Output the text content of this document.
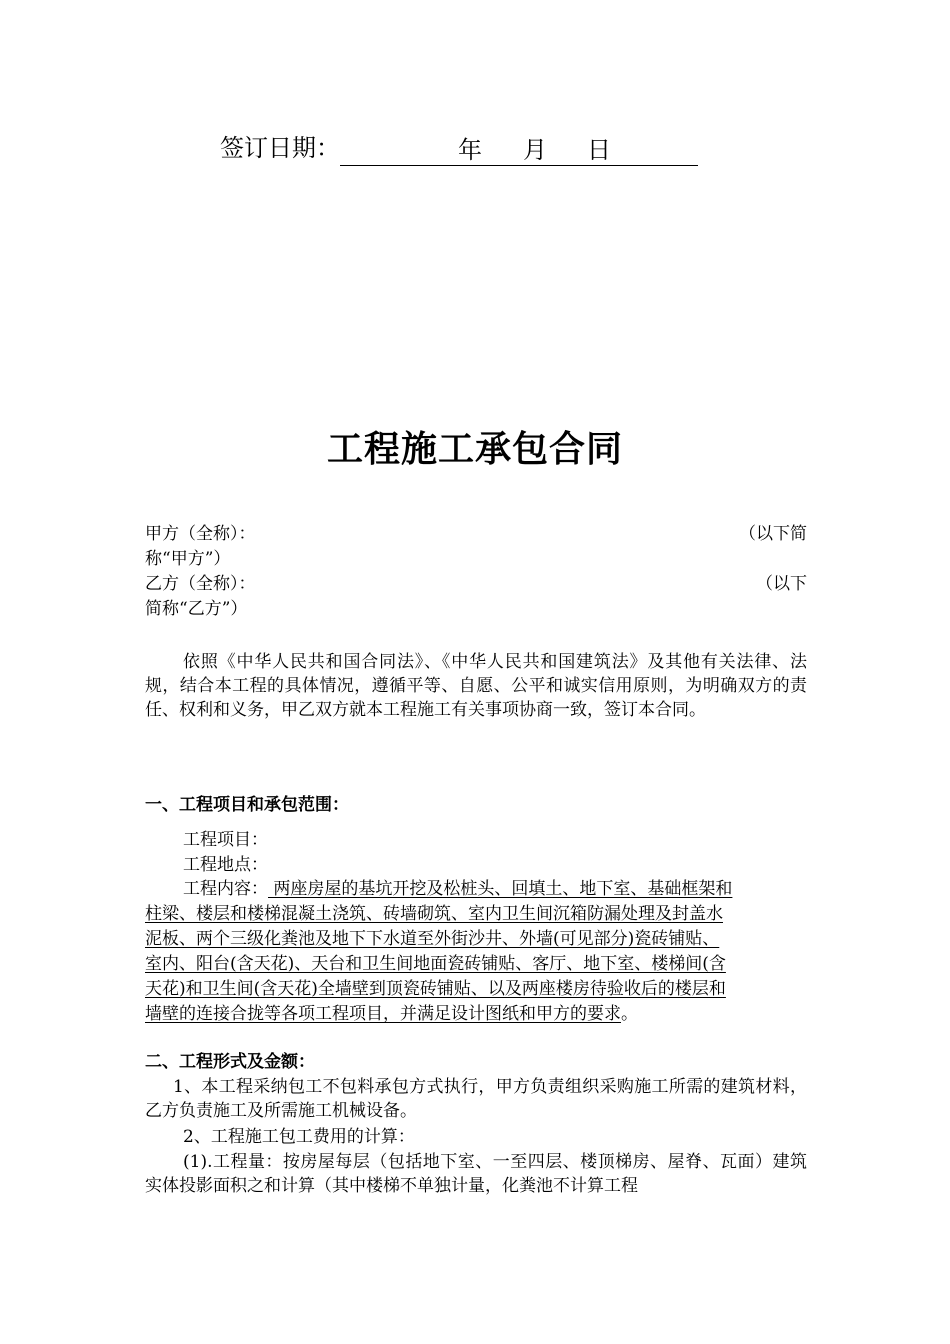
签订日期：	年 月 日
工程施工承包合同
甲方（全称）：	（以下简
称“甲方”）
乙方（全称）：	（以下
简称“乙方”）
依照《中华人民共和国合同法》、《中华人民共和国建筑法》及其他有关法律、法规，结合本工程的具体情况，遵循平等、自愿、公平和诚实信用原则，为明确双方的责任、权利和义务，甲乙双方就本工程施工有关事项协商一致，签订本合同。
一、工程项目和承包范围：
工程项目：
工程地点：
工程内容： 两座房屋的基坑开挖及松桩头、回填土、地下室、基础框架和
柱梁、楼层和楼梯混凝土浇筑、砖墙砌筑、室内卫生间沉箱防漏处理及封盖水
泥板、两个三级化粪池及地下下水道至外街沙井、外墙(可见部分)瓷砖铺贴、
室内、阳台(含天花)、天台和卫生间地面瓷砖铺贴、客厅、地下室、楼梯间(含
天花)和卫生间(含天花)全墙壁到顶瓷砖铺贴、以及两座楼房待验收后的楼层和
墙壁的连接合拢等各项工程项目，并满足设计图纸和甲方的要求。
二、工程形式及金额：
1、本工程采纳包工不包料承包方式执行，甲方负责组织采购施工所需的建筑材料，乙方负责施工及所需施工机械设备。
2、工程施工包工费用的计算：
(1).工程量：按房屋每层（包括地下室、一至四层、楼顶梯房、屋脊、瓦面）建筑实体投影面积之和计算（其中楼梯不单独计量，化粪池不计算工程
